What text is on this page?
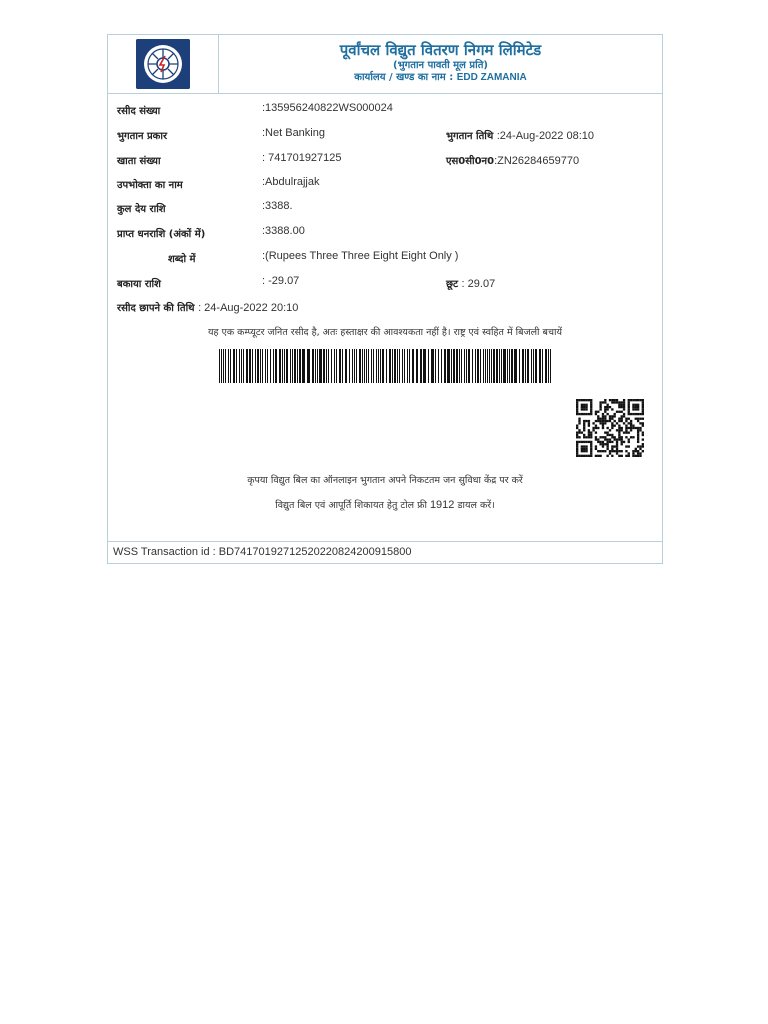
पूर्वांचल विद्युत वितरण निगम लिमिटेड
(भुगतान पावती मूल प्रति)
कार्यालय / खण्ड का नाम : EDD ZAMANIA
रसीद संख्या	:135956240822WS000024
भुगतान प्रकार	:Net Banking	भुगतान तिथि :24-Aug-2022 08:10
खाता संख्या	: 741701927125	एस0सी0न0:ZN26284659770
उपभोक्ता का नाम	:Abdulrajjak
कुल देय राशि	:3388.
प्राप्त धनराशि (अंकों में)	:3388.00
शब्दो में	:(Rupees Three Three Eight Eight Only )
बकाया राशि	: -29.07	छूट : 29.07
रसीद छापने की तिथि : 24-Aug-2022 20:10
यह एक कम्प्यूटर जनित रसीद है, अतः हस्ताक्षर की आवश्यकता नहीं है। राष्ट्र एवं स्वहित में बिजली बचायें
कृपया विद्युत बिल का ऑनलाइन भुगतान अपने निकटतम जन सुविधा केंद्र पर करें
विद्युत बिल एवं आपूर्ति शिकायत हेतु टोल फ्री 1912 डायल करें।
WSS Transaction id : BD741701927125202208242009158​00
